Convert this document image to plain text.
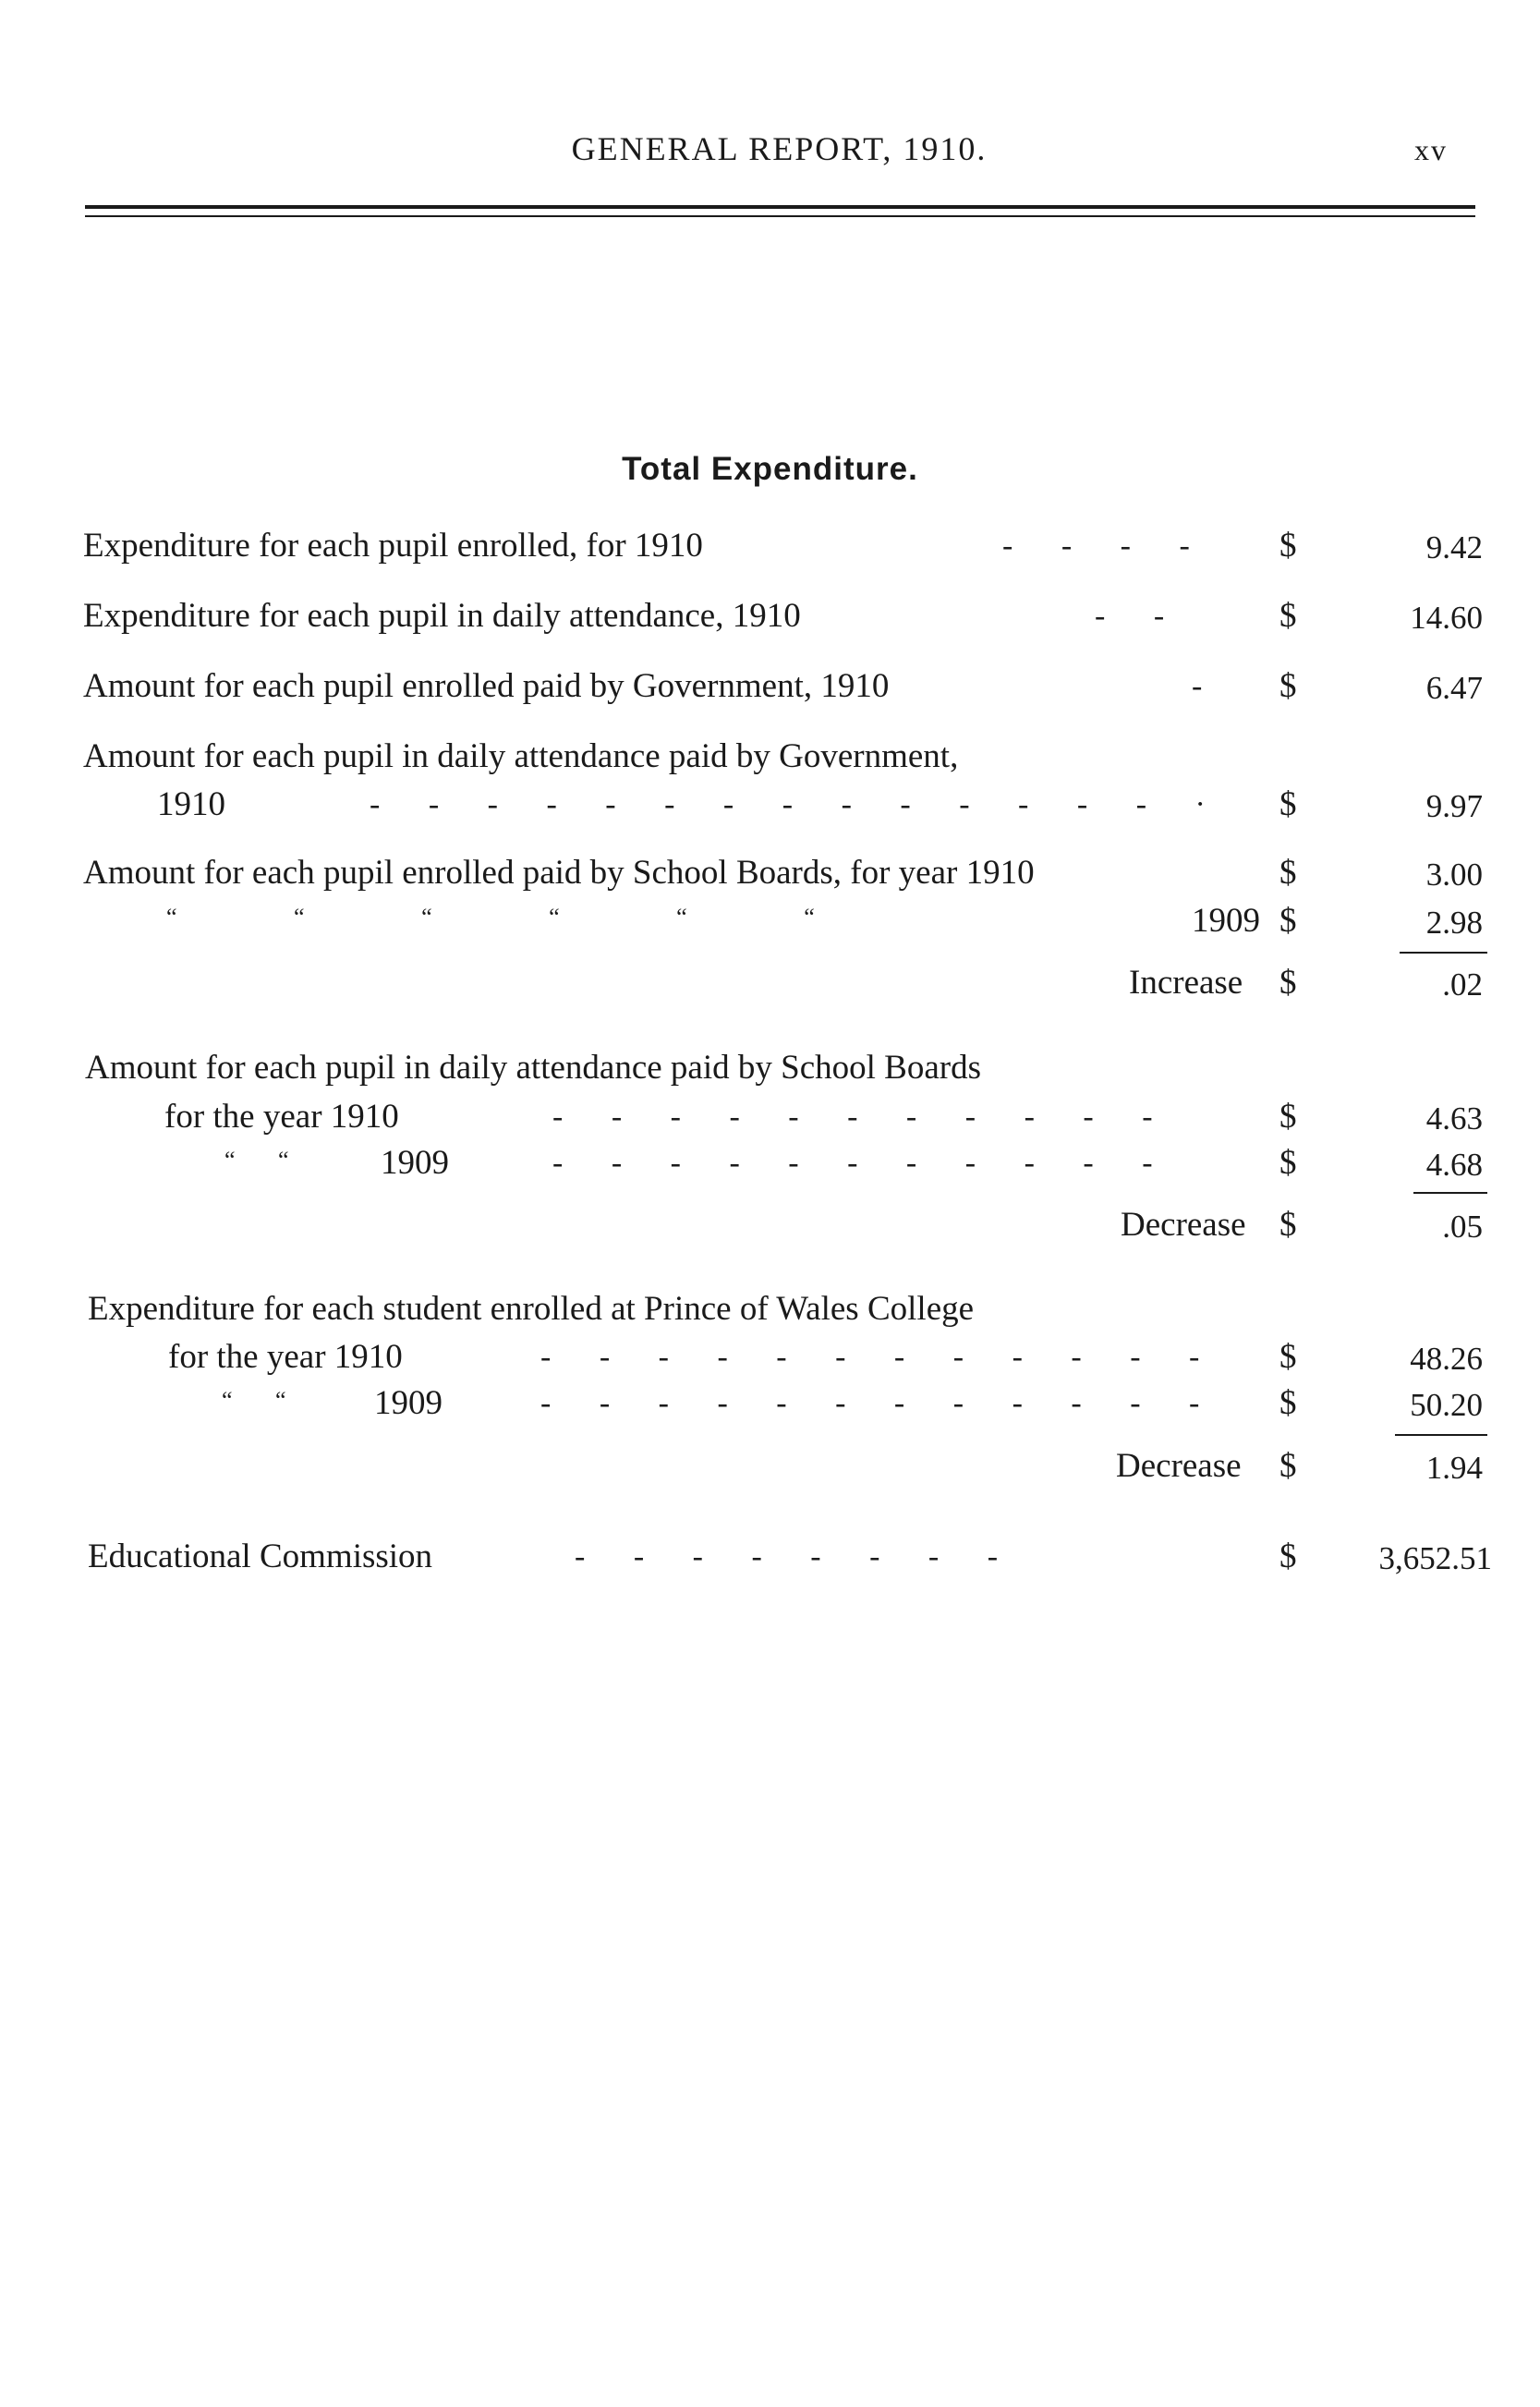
GENERAL REPORT, 1910.	xv
Total Expenditure.
Expenditure for each pupil enrolled, for 1910	- - - - $	9.42
Expenditure for each pupil in daily attendance, 1910	- -	$	14.60
Amount for each pupil enrolled paid by Government, 1910	- $	6.47
Amount for each pupil in daily attendance paid by Government,
1910	- - - - - - - - - - - - - - · $	9.97
Amount for each pupil enrolled paid by School Boards, for year 1910	$	3.00
“ “ “ “ “ “	1909 $	2.98
Increase $	.02
Amount for each pupil in daily attendance paid by School Boards
for the year 1910	- - - - - - - - - - -	$	4.63
“ “	1909	- - - - - - - - - - -	$	4.68
Decrease $	.05
Expenditure for each student enrolled at Prince of Wales College
for the year 1910	- - - - - - - - - - - - $	48.26
“ “	1909	- - - - - - - - - - - - $	50.20
Decrease $	1.94
Educational Commission	- - - - - - - -	$	3,652.51
